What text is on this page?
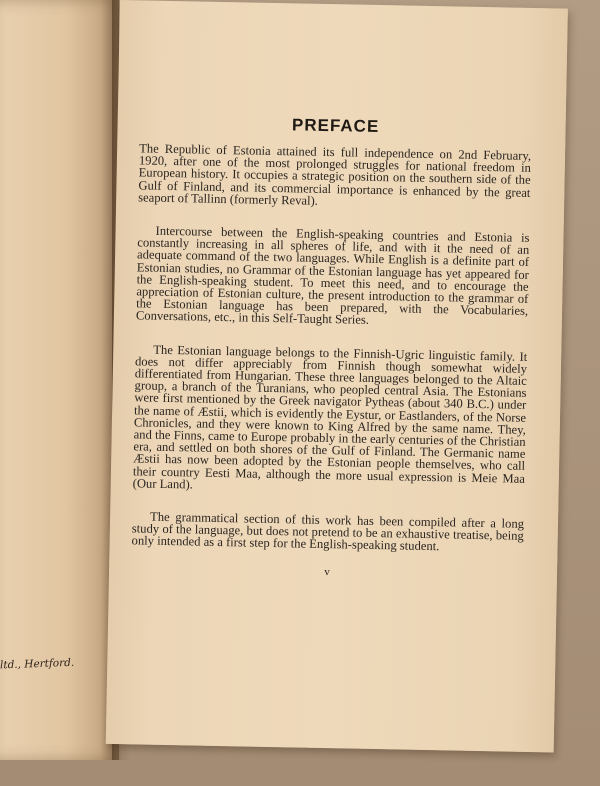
ltd., Hertford.
PREFACE

The Republic of Estonia attained its full independence on 2nd February, 1920, after one of the most prolonged struggles for national freedom in European history. It occupies a strategic position on the southern side of the Gulf of Finland, and its commercial importance is enhanced by the great seaport of Tallinn (formerly Reval).

Intercourse between the English-speaking countries and Estonia is constantly increasing in all spheres of life, and with it the need of an adequate command of the two languages. While English is a definite part of Estonian studies, no Grammar of the Estonian language has yet appeared for the English-speaking student. To meet this need, and to encourage the appreciation of Estonian culture, the present introduction to the grammar of the Estonian language has been prepared, with the Vocabularies, Conversations, etc., in this Self-Taught Series.

The Estonian language belongs to the Finnish-Ugric linguistic family. It does not differ appreciably from Finnish though somewhat widely differentiated from Hungarian. These three languages belonged to the Altaic group, a branch of the Turanians, who peopled central Asia. The Estonians were first mentioned by the Greek navigator Pytheas (about 340 B.C.) under the name of Æstii, which is evidently the Eystur, or Eastlanders, of the Norse Chronicles, and they were known to King Alfred by the same name. They, and the Finns, came to Europe probably in the early centuries of the Christian era, and settled on both shores of the Gulf of Finland. The Germanic name Æstii has now been adopted by the Estonian people themselves, who call their country Eesti Maa, although the more usual expression is Meie Maa (Our Land).

The grammatical section of this work has been compiled after a long study of the language, but does not pretend to be an exhaustive treatise, being only intended as a first step for the English-speaking student.

v
